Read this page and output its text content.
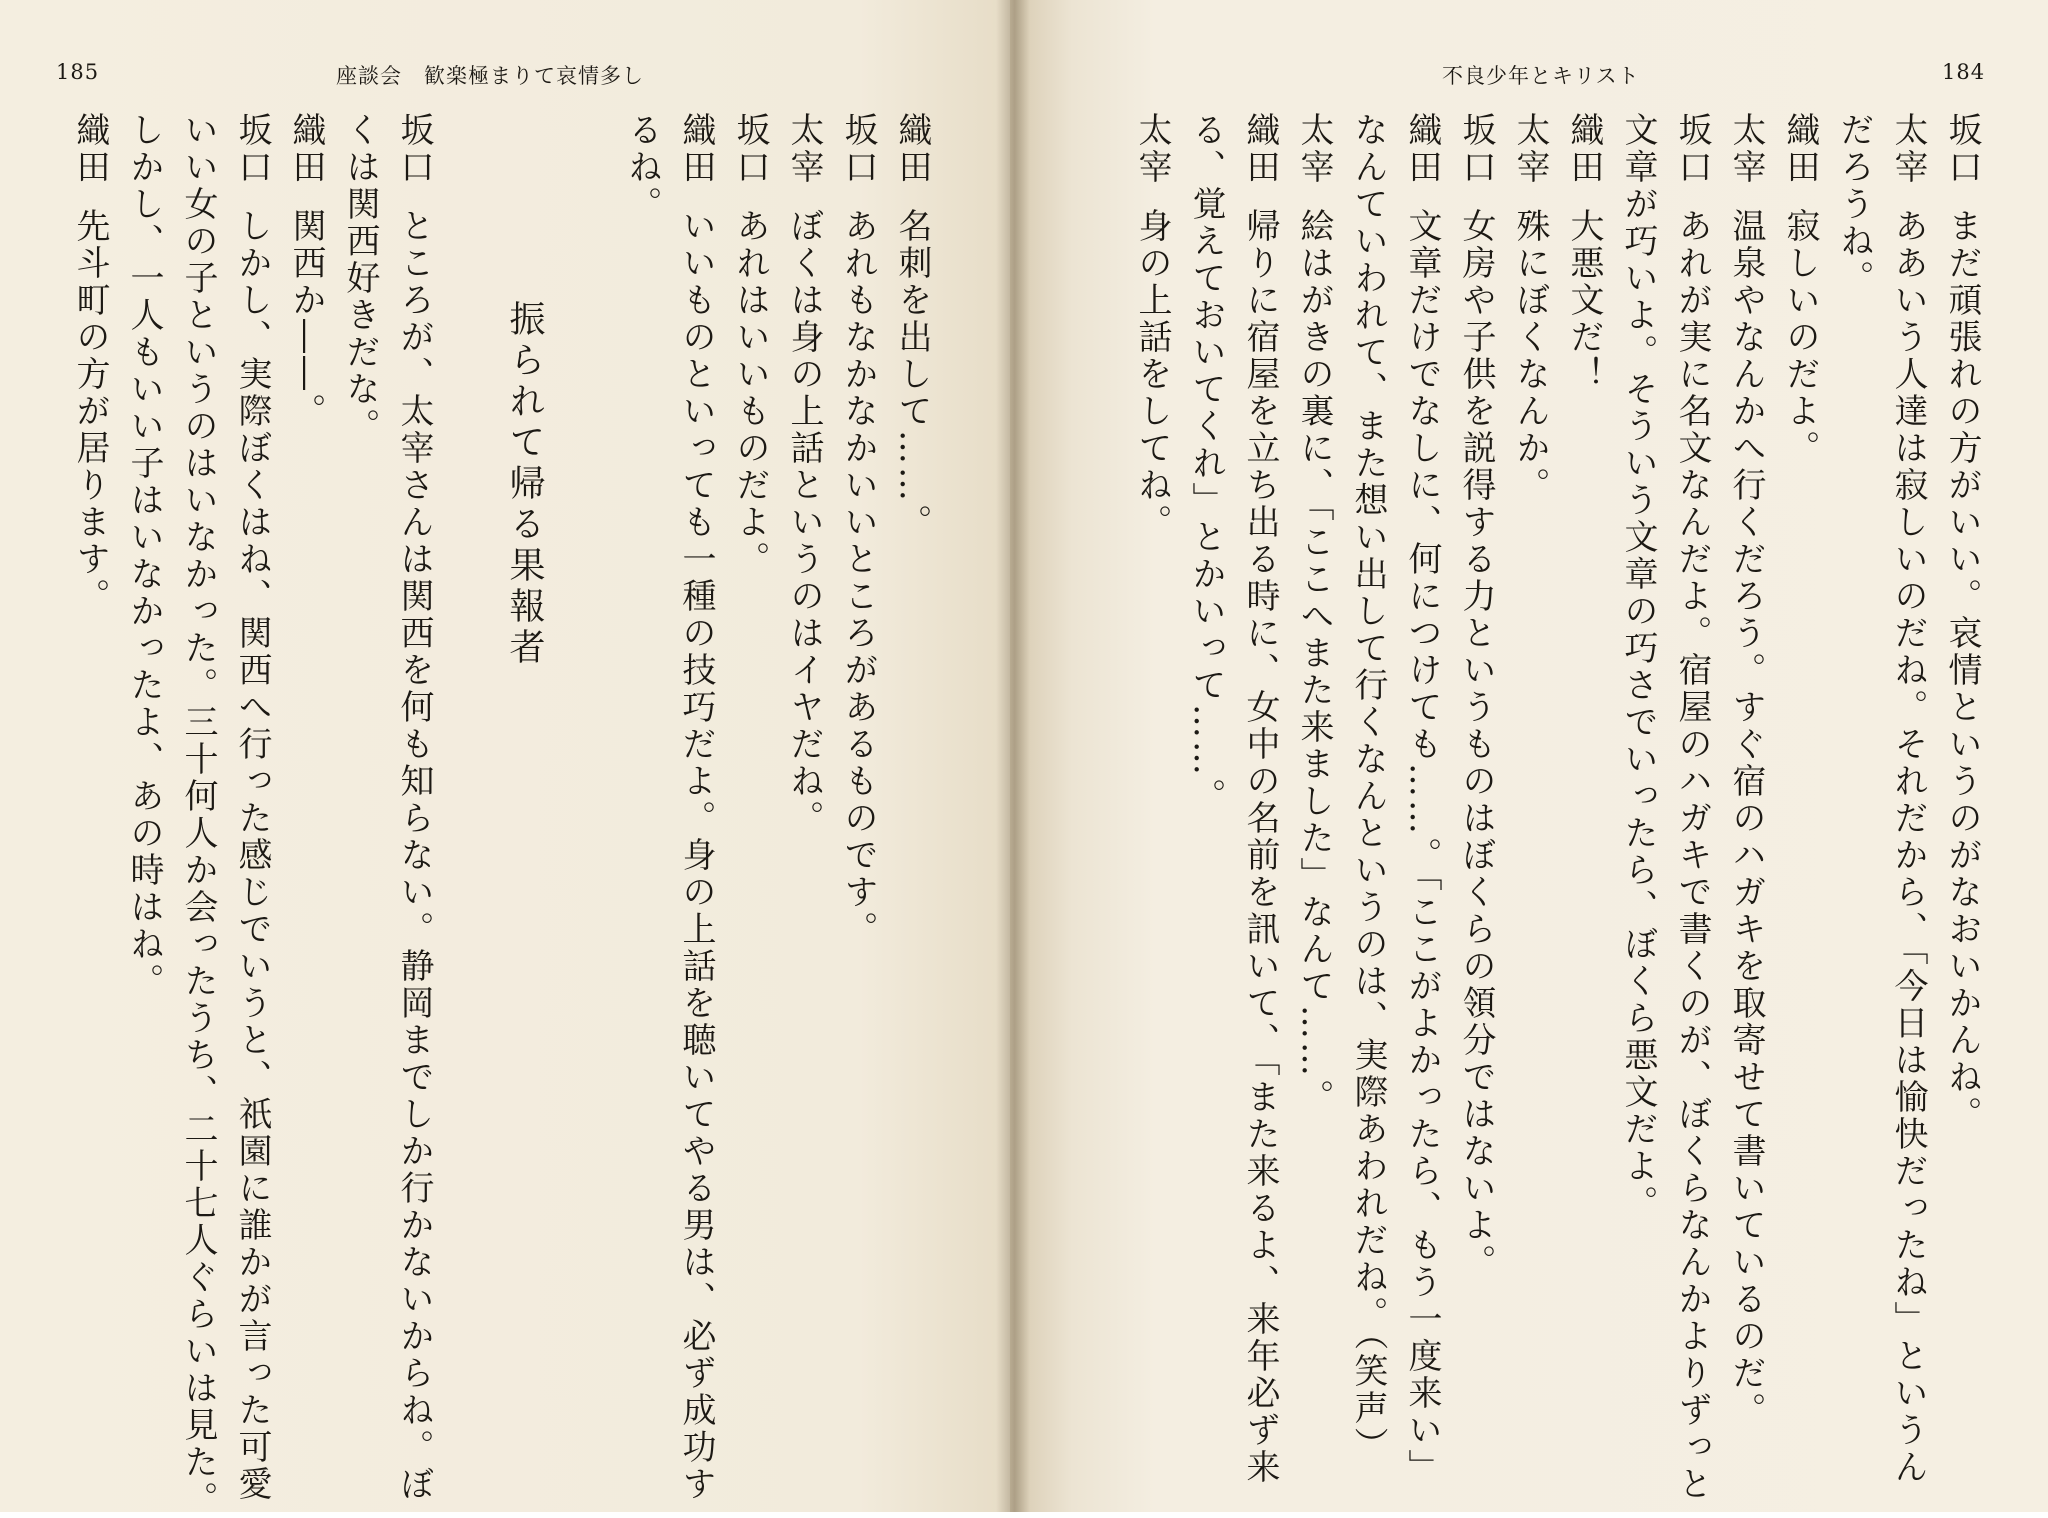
185	座談会　歓楽極まりて哀情多し
織田名刺を出して……。
坂口あれもなかなかいいところがあるものです。
太宰ぼくは身の上話というのはイヤだね。
坂口あれはいいものだよ。
織田いいものといっても一種の技巧だよ。身の上話を聴いてやる男は、必ず成功す
るね。
振られて帰る果報者
坂口ところが、太宰さんは関西を何も知らない。静岡までしか行かないからね。ぼ
くは関西好きだな。
織田関西か――。
坂口しかし、実際ぼくはね、関西へ行った感じでいうと、祇園に誰かが言った可愛
いい女の子というのはいなかった。三十何人か会ったうち、二十七人ぐらいは見た。
しかし、一人もいい子はいなかったよ、あの時はね。
織田先斗町の方が居ります。
不良少年とキリスト	184
坂口まだ頑張れの方がいい。哀情というのがなおいかんね。
太宰ああいう人達は寂しいのだね。それだから、「今日は愉快だったね」というん
だろうね。
織田寂しいのだよ。
太宰温泉やなんかへ行くだろう。すぐ宿のハガキを取寄せて書いているのだ。
坂口あれが実に名文なんだよ。宿屋のハガキで書くのが、ぼくらなんかよりずっと
文章が巧いよ。そういう文章の巧さでいったら、ぼくら悪文だよ。
織田大悪文だ！
太宰殊にぼくなんか。
坂口女房や子供を説得する力というものはぼくらの領分ではないよ。
織田文章だけでなしに、何につけても……。「ここがよかったら、もう一度来い」
なんていわれて、また想い出して行くなんというのは、実際あわれだね。（笑声）
太宰絵はがきの裏に、「ここへまた来ました」なんて……。
織田帰りに宿屋を立ち出る時に、女中の名前を訊いて、「また来るよ、来年必ず来
る、覚えておいてくれ」とかいって……。
太宰身の上話をしてね。
